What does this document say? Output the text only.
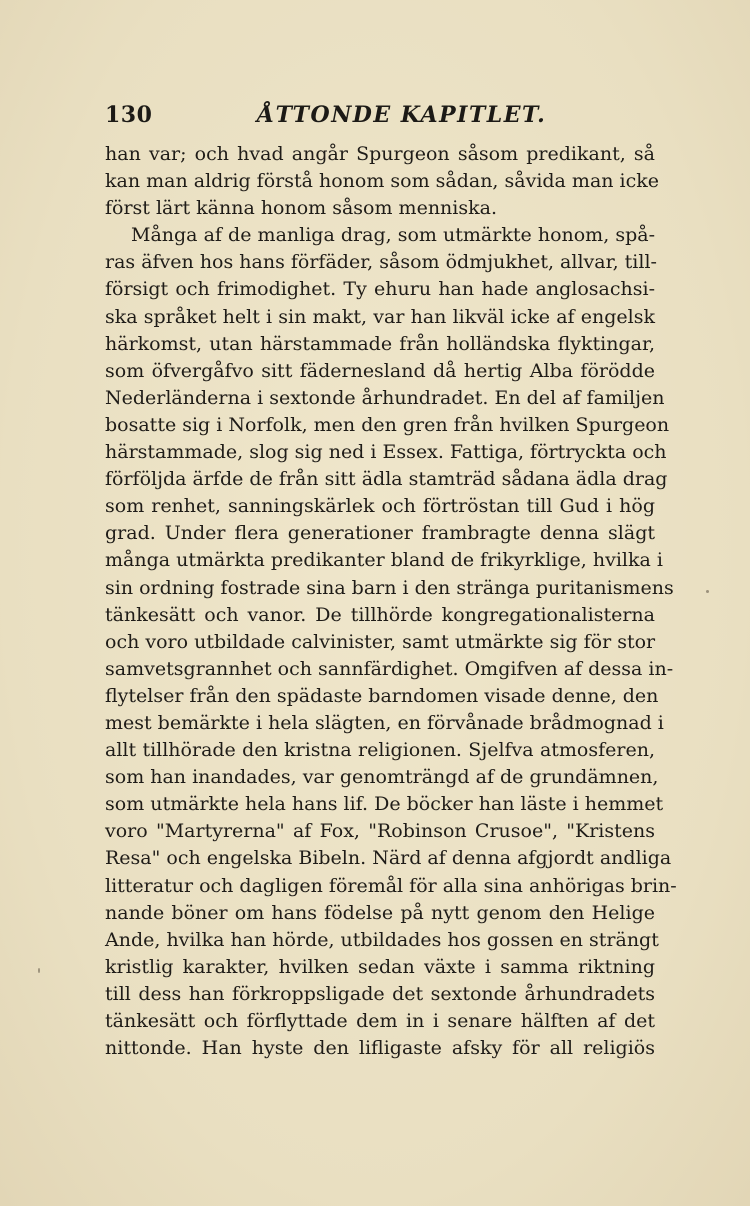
130	ÅTTONDE KAPITLET.
han var; och hvad angår Spurgeon såsom predikant, så
kan man aldrig förstå honom som sådan, såvida man icke
först lärt känna honom såsom menniska.
Många af de manliga drag, som utmärkte honom, spå-
ras äfven hos hans förfäder, såsom ödmjukhet, allvar, till-
försigt och frimodighet. Ty ehuru han hade anglosachsi-
ska språket helt i sin makt, var han likväl icke af engelsk
härkomst, utan härstammade från holländska flyktingar,
som öfvergåfvo sitt fäderneslаnd då hertig Alba förödde
Nederländerna i sextonde århundradet. En del af familjen
bosatte sig i Norfolk, men den gren från hvilken Spurgeon
härstammade, slog sig ned i Essex. Fattiga, förtryckta och
förföljda ärfde de från sitt ädla stamträd sådana ädla drag
som renhet, sanningskärlek och förtröstan till Gud i hög
grad. Under flera generationer frambragte denna slägt
många utmärkta predikanter bland de frikyrklige, hvilka i
sin ordning fostrade sina barn i den stränga puritanismens
tänkesätt och vanor. De tillhörde kongregationalisterna
och voro utbildade calvinister, samt utmärkte sig för stor
samvetsgrannhet och sannfärdighet. Omgifven af dessa in-
flytelser från den spädaste barndomen visade denne, den
mest bemärkte i hela slägten, en förvånade brådmognad i
allt tillhörade den kristna religionen. Sjelfva atmosferen,
som han inandades, var genomträngd af de grundämnen,
som utmärkte hela hans lif. De böcker han läste i hemmet
voro "Martyrerna" af Fox, "Robinson Crusoe", "Kristens
Resa" och engelska Bibeln. Närd af denna afgjordt andliga
litteratur och dagligen föremål för alla sina anhörigas brin-
nande böner om hans födelse på nytt genom den Helige
Ande, hvilka han hörde, utbildades hos gossen en strängt
kristlig karakter, hvilken sedan växte i samma riktning
till dess han förkroppsligade det sextonde århundradets
tänkesätt och förflyttade dem in i senare hälften af det
nittonde. Han hyste den lifligaste afsky för all religiös
